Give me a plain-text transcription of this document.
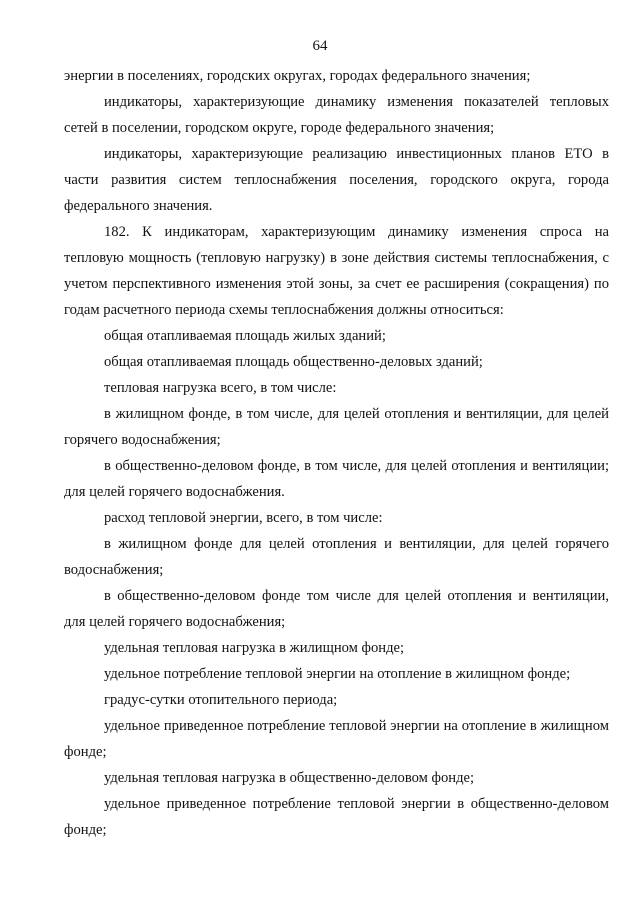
64

энергии в поселениях, городских округах, городах федерального значения;

индикаторы, характеризующие динамику изменения показателей тепловых сетей в поселении, городском округе, городе федерального значения;

индикаторы, характеризующие реализацию инвестиционных планов ЕТО в части развития систем теплоснабжения поселения, городского округа, города федерального значения.

182. К индикаторам, характеризующим динамику изменения спроса на тепловую мощность (тепловую нагрузку) в зоне действия системы теплоснабжения, с учетом перспективного изменения этой зоны, за счет ее расширения (сокращения) по годам расчетного периода схемы теплоснабжения должны относиться:

общая отапливаемая площадь жилых зданий;

общая отапливаемая площадь общественно-деловых зданий;

тепловая нагрузка всего, в том числе:

в жилищном фонде, в том числе, для целей отопления и вентиляции, для целей горячего водоснабжения;

в общественно-деловом фонде, в том числе, для целей отопления и вентиляции; для целей горячего водоснабжения.

расход тепловой энергии, всего, в том числе:

в жилищном фонде для целей отопления и вентиляции, для целей горячего водоснабжения;

в общественно-деловом фонде том числе для целей отопления и вентиляции, для целей горячего водоснабжения;

удельная тепловая нагрузка в жилищном фонде;

удельное потребление тепловой энергии на отопление в жилищном фонде;

градус-сутки отопительного периода;

удельное приведенное потребление тепловой энергии на отопление в жилищном фонде;

удельная тепловая нагрузка в общественно-деловом фонде;

удельное приведенное потребление тепловой энергии в общественно-деловом фонде;
